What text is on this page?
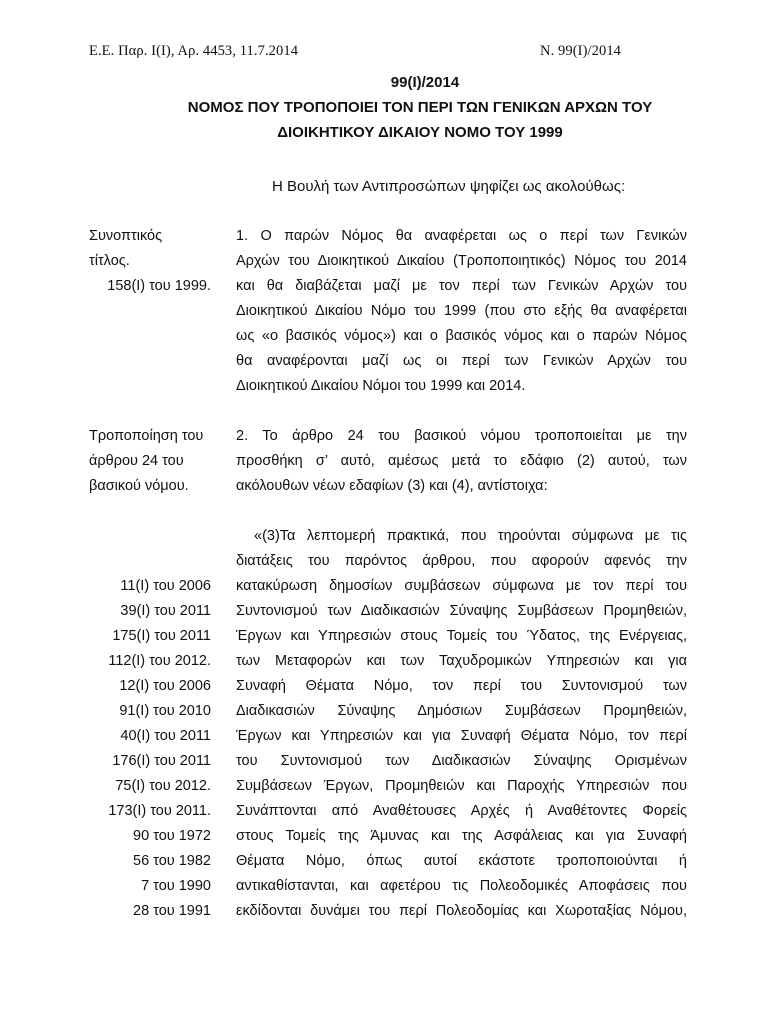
Ε.Ε. Παρ. Ι(Ι), Αρ. 4453, 11.7.2014	Ν. 99(Ι)/2014
99(Ι)/2014
ΝΟΜΟΣ ΠΟΥ ΤΡΟΠΟΠΟΙΕΙ ΤΟΝ ΠΕΡΙ ΤΩΝ ΓΕΝΙΚΩΝ ΑΡΧΩΝ ΤΟΥ
ΔΙΟΙΚΗΤΙΚΟΥ ΔΙΚΑΙΟΥ ΝΟΜΟ ΤΟΥ 1999
Η Βουλή των Αντιπροσώπων ψηφίζει ως ακολούθως:
Συνοπτικός
τίτλος.
158(Ι) του 1999.
1. Ο παρών Νόμος θα αναφέρεται ως ο περί των Γενικών
Αρχών του Διοικητικού Δικαίου (Τροποποιητικός) Νόμος του 2014
και θα διαβάζεται μαζί με τον περί των Γενικών Αρχών του
Διοικητικού Δικαίου Νόμο του 1999 (που στο εξής θα αναφέρεται
ως «ο βασικός νόμος») και ο βασικός νόμος και ο παρών Νόμος
θα αναφέρονται μαζί ως οι περί των Γενικών Αρχών του
Διοικητικού Δικαίου Νόμοι του 1999 και 2014.
Τροποποίηση του
άρθρου 24 του
βασικού νόμου.
2. Το άρθρο 24 του βασικού νόμου τροποποιείται με την
προσθήκη σ’ αυτό, αμέσως μετά το εδάφιο (2) αυτού, των
ακόλουθων νέων εδαφίων (3) και (4), αντίστοιχα:
«(3)Τα λεπτομερή πρακτικά, που τηρούνται σύμφωνα με τις
διατάξεις του παρόντος άρθρου, που αφορούν αφενός την
κατακύρωση δημοσίων συμβάσεων σύμφωνα με τον περί του
Συντονισμού των Διαδικασιών Σύναψης Συμβάσεων Προμηθειών,
Έργων και Υπηρεσιών στους Τομείς του Ύδατος, της Ενέργειας,
των Μεταφορών και των Ταχυδρομικών Υπηρεσιών και για
Συναφή Θέματα Νόμο, τον περί του Συντονισμού των
Διαδικασιών Σύναψης Δημόσιων Συμβάσεων Προμηθειών,
Έργων και Υπηρεσιών και για Συναφή Θέματα Νόμο, τον περί
του Συντονισμού των Διαδικασιών Σύναψης Ορισμένων
Συμβάσεων Έργων, Προμηθειών και Παροχής Υπηρεσιών που
Συνάπτονται από Αναθέτουσες Αρχές ή Αναθέτοντες Φορείς
στους Τομείς της Άμυνας και της Ασφάλειας και για Συναφή
Θέματα Νόμο, όπως αυτοί εκάστοτε τροποποιούνται ή
αντικαθίστανται, και αφετέρου τις Πολεοδομικές Αποφάσεις που
εκδίδονται δυνάμει του περί Πολεοδομίας και Χωροταξίας Νόμου,
11(Ι) του 2006
39(Ι) του 2011
175(Ι) του 2011
112(Ι) του 2012.
12(Ι) του 2006
91(Ι) του 2010
40(Ι) του 2011
176(Ι) του 2011
75(Ι) του 2012.
173(Ι) του 2011.
90 του 1972
56 του 1982
7 του 1990
28 του 1991
